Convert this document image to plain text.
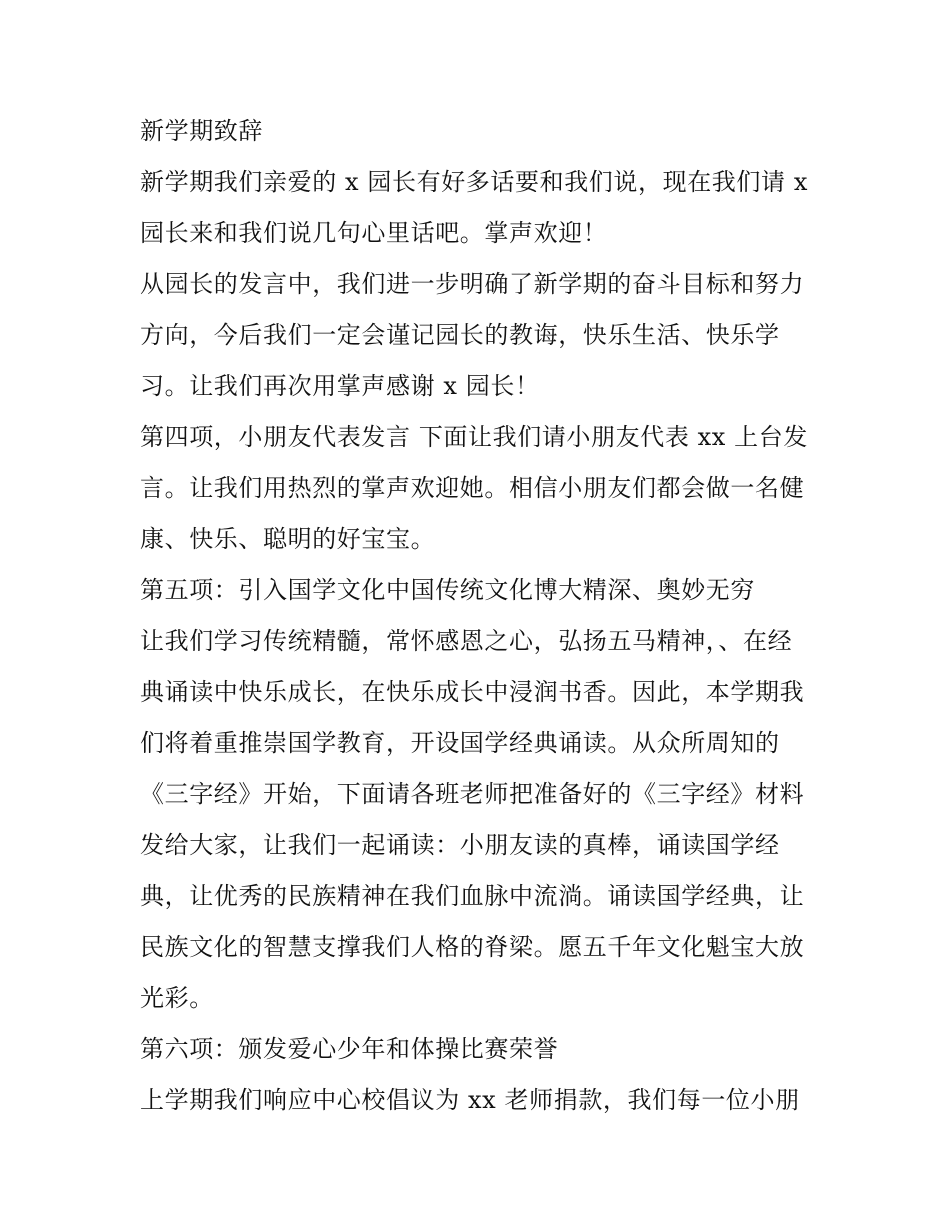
新学期致辞
新学期我们亲爱的 x 园长有好多话要和我们说，现在我们请 x
园长来和我们说几句心里话吧。掌声欢迎！
从园长的发言中，我们进一步明确了新学期的奋斗目标和努力
方向，今后我们一定会谨记园长的教诲，快乐生活、快乐学
习。让我们再次用掌声感谢 x 园长！
第四项，小朋友代表发言 下面让我们请小朋友代表 xx 上台发
言。让我们用热烈的掌声欢迎她。相信小朋友们都会做一名健
康、快乐、聪明的好宝宝。
第五项：引入国学文化中国传统文化博大精深、奥妙无穷
让我们学习传统精髓，常怀感恩之心，弘扬五马精神，、在经
典诵读中快乐成长，在快乐成长中浸润书香。因此，本学期我
们将着重推崇国学教育，开设国学经典诵读。从众所周知的
《三字经》开始，下面请各班老师把准备好的《三字经》材料
发给大家，让我们一起诵读：小朋友读的真棒，诵读国学经
典，让优秀的民族精神在我们血脉中流淌。诵读国学经典，让
民族文化的智慧支撑我们人格的脊梁。愿五千年文化魁宝大放
光彩。
第六项：颁发爱心少年和体操比赛荣誉
上学期我们响应中心校倡议为 xx 老师捐款，我们每一位小朋
